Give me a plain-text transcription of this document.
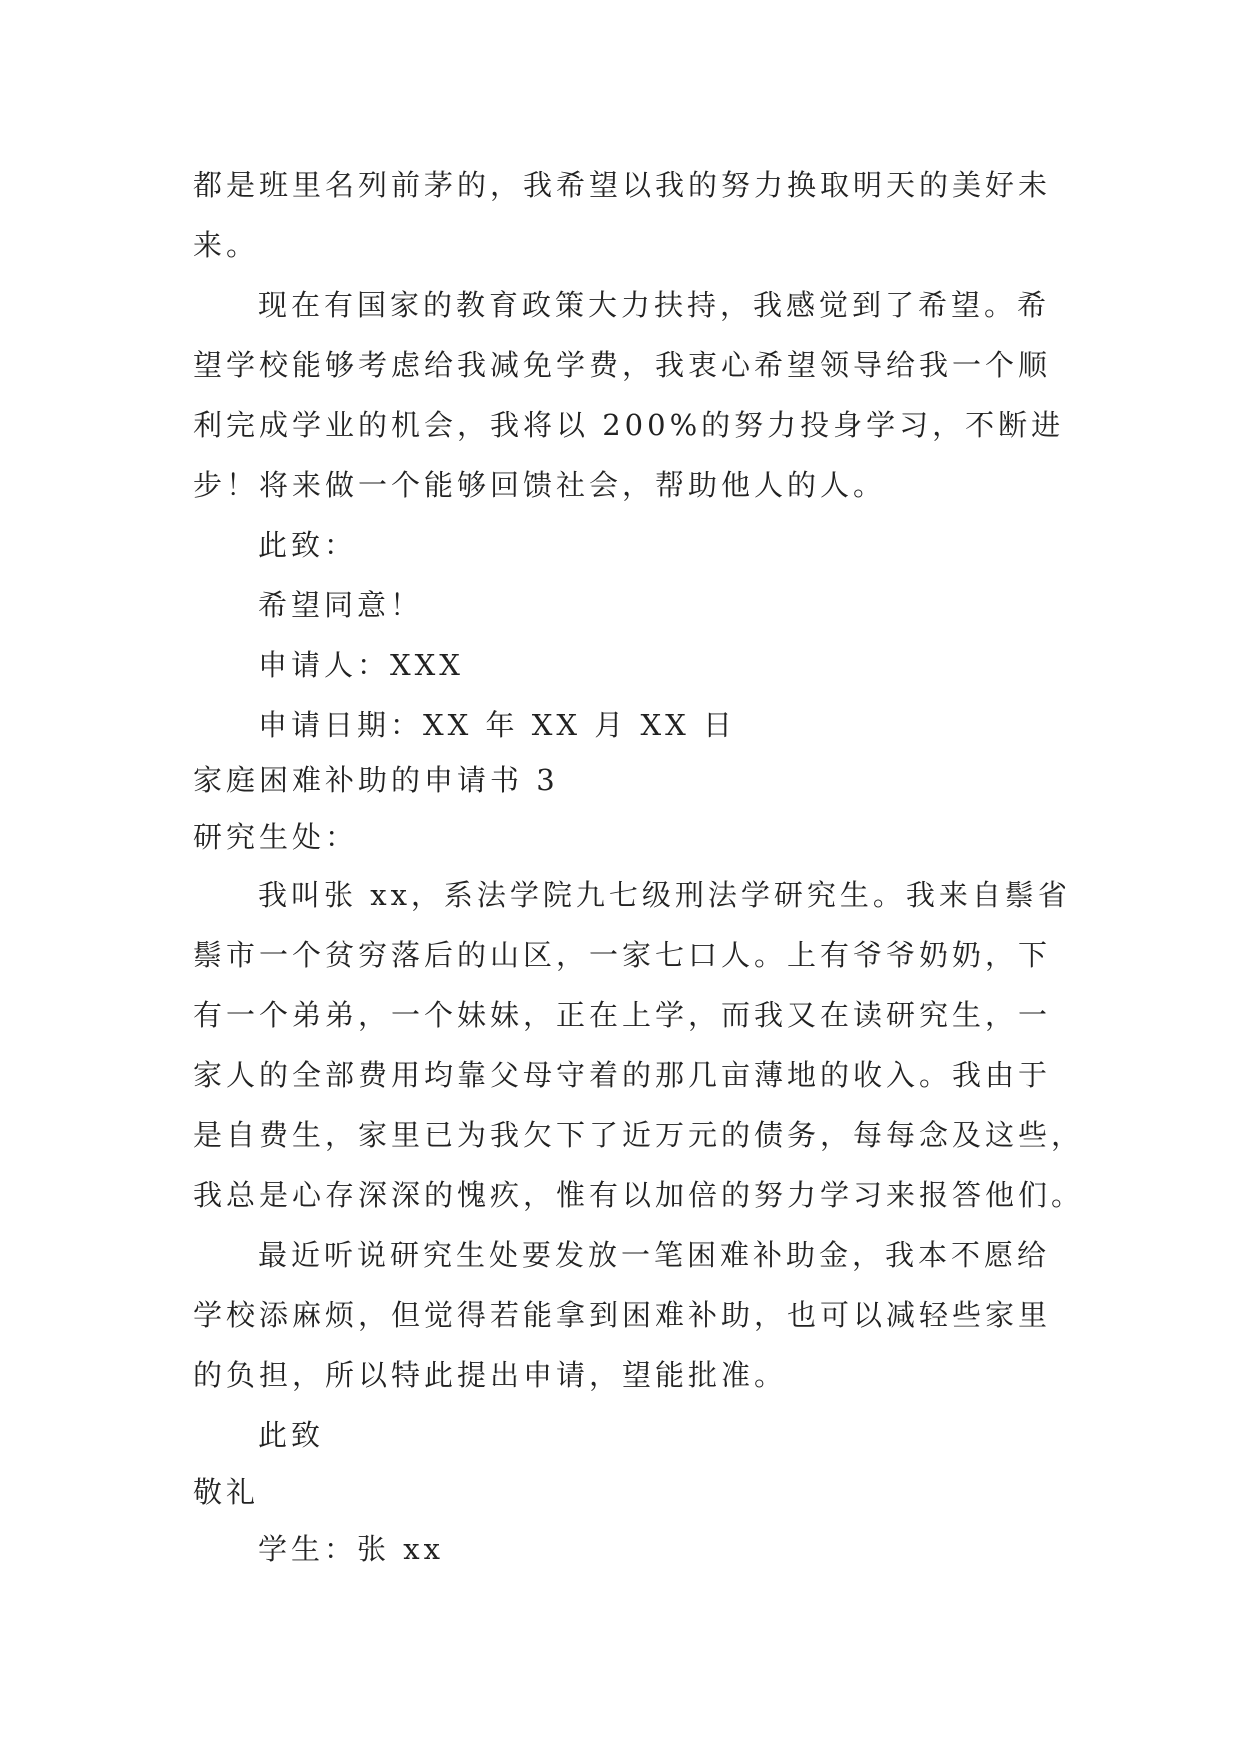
都是班里名列前茅的，我希望以我的努力换取明天的美好未
来。
现在有国家的教育政策大力扶持，我感觉到了希望。希
望学校能够考虑给我减免学费，我衷心希望领导给我一个顺
利完成学业的机会，我将以 200%的努力投身学习，不断进
步！将来做一个能够回馈社会，帮助他人的人。
此致：
希望同意！
申请人：XXX
申请日期：XX 年 XX 月 XX 日
家庭困难补助的申请书 3
研究生处：
我叫张 xx，系法学院九七级刑法学研究生。我来自鬃省
鬃市一个贫穷落后的山区，一家七口人。上有爷爷奶奶，下
有一个弟弟，一个妹妹，正在上学，而我又在读研究生，一
家人的全部费用均靠父母守着的那几亩薄地的收入。我由于
是自费生，家里已为我欠下了近万元的债务，每每念及这些，
我总是心存深深的愧疚，惟有以加倍的努力学习来报答他们。
最近听说研究生处要发放一笔困难补助金，我本不愿给
学校添麻烦，但觉得若能拿到困难补助，也可以减轻些家里
的负担，所以特此提出申请，望能批准。
此致
敬礼
学生：张 xx
